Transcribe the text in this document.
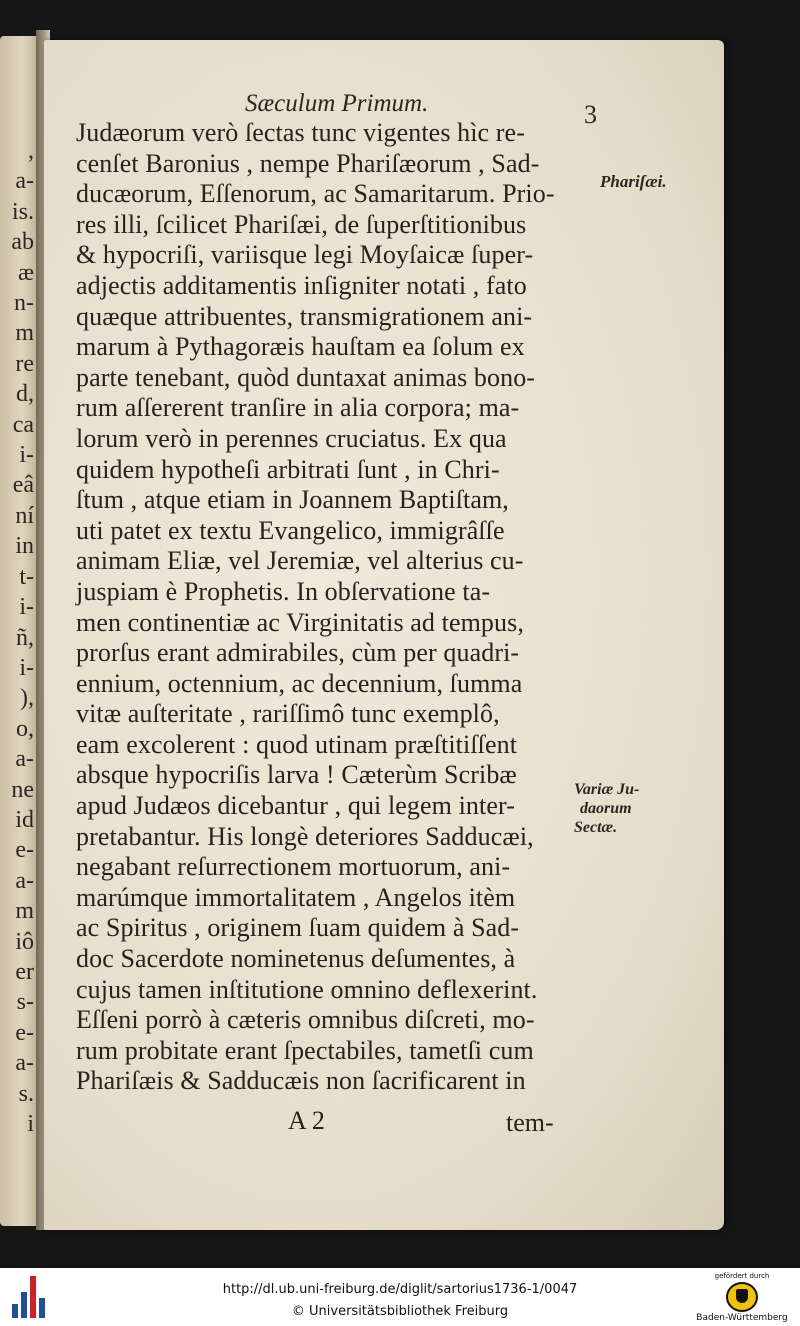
,
a-
is.
ab
æ
n-
m
re
d,
ca
i-
eâ
ní
in
t-
i-
ñ,
i-
),
o,
a-
ne
id
e-
a-
m
iô
er
s-
e-
a-
s.
i
Sæculum Primum.	3
Judæorum verò ſectas tunc vigentes hìc re-
cenſet Baronius , nempe Phariſæorum , Sad-
ducæorum, Eſſenorum, ac Samaritarum. Prio-
res illi, ſcilicet Phariſæi, de ſuperſtitionibus
& hypocriſi, variisque legi Moyſaicæ ſuper-
adjectis additamentis inſigniter notati , fato
quæque attribuentes, transmigrationem ani-
marum à Pythagoræis hauſtam ea ſolum ex
parte tenebant, quòd duntaxat animas bono-
rum aſſererent tranſire in alia corpora; ma-
lorum verò in perennes cruciatus. Ex qua
quidem hypotheſi arbitrati ſunt , in Chri-
ſtum , atque etiam in Joannem Baptiſtam,
uti patet ex textu Evangelico, immigrâſſe
animam Eliæ, vel Jeremiæ, vel alterius cu-
juspiam è Prophetis. In obſervatione ta-
men continentiæ ac Virginitatis ad tempus,
prorſus erant admirabiles, cùm per quadri-
ennium, octennium, ac decennium, ſumma
vitæ auſteritate , rariſſimô tunc exemplô,
eam excolerent : quod utinam præſtitiſſent
absque hypocriſis larva ! Cæterùm Scribæ
apud Judæos dicebantur , qui legem inter-
pretabantur. His longè deteriores Sadducæi,
negabant reſurrectionem mortuorum, ani-
marúmque immortalitatem , Angelos itèm
ac Spiritus , originem ſuam quidem à Sad-
doc Sacerdote nominetenus deſumentes, à
cujus tamen inſtitutione omnino deflexerint.
Eſſeni porrò à cæteris omnibus diſcreti, mo-
rum probitate erant ſpectabiles, tametſi cum
Phariſæis & Sadducæis non ſacrificarent in
Phariſæi.
Variæ Ju-
daorum
Sectæ.
A 2	tem-
http://dl.ub.uni-freiburg.de/diglit/sartorius1736-1/0047
© Universitätsbibliothek Freiburg
gefördert durch
Baden-Württemberg
